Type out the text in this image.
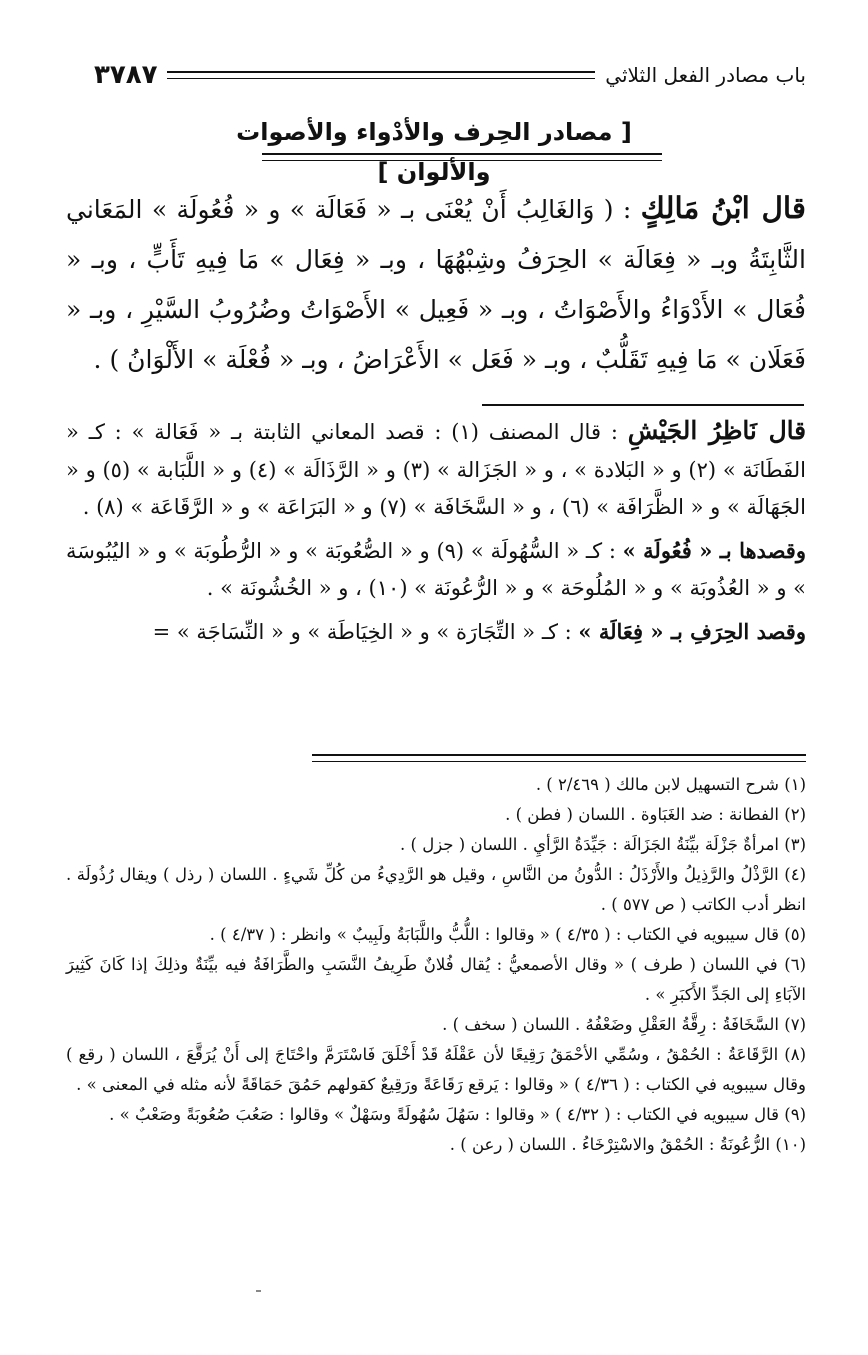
٣٧٨٧	باب مصادر الفعل الثلاثي
[ مصادر الحِرف والأدْواء والأصوات والألوان ]
قال ابْنُ مَالِكٍ : ( وَالغَالِبُ أَنْ يُعْنَى بـ « فَعَالَة » و « فُعُولَة » المَعَاني الثَّابِتَةُ وبـ « فِعَالَة » الحِرَفُ وشِبْهُهَا ، وبـ « فِعَال » مَا فِيهِ تَأَبٍّ ، وبـ « فُعَال » الأَدْوَاءُ والأَصْوَاتُ ، وبـ « فَعِيل » الأَصْوَاتُ وضُرُوبُ السَّيْرِ ، وبـ « فَعَلَان » مَا فِيهِ تَقَلُّبٌ ، وبـ « فَعَل » الأَعْرَاضُ ، وبـ « فُعْلَة » الأَلْوَانُ ) .

قال نَاظِرُ الجَيْشِ : قال المصنف (١) : قصد المعاني الثابتة بـ « فَعَالة » : كـ « الفَطَانَة » (٢) و « البَلادة » ، و « الجَزَالة » (٣) و « الرَّذَالَة » (٤) و « اللَّبَابة » (٥) و « الجَهَالَة » و « الظَّرَافَة » (٦) ، و « السَّخَافَة » (٧) و « البَرَاعَة » و « الرَّقَاعَة » (٨) .

وقصدها بـ « فُعُولَة » : كـ « السُّهُولَة » (٩) و « الصُّعُوبَة » و « الرُّطُوبَة » و « اليُبُوسَة » و « العُذُوبَة » و « المُلُوحَة » و « الرُّعُونَة » (١٠) ، و « الخُشُونَة » .

وقصد الحِرَفِ بـ « فِعَالَة » : كـ « التِّجَارَة » و « الخِيَاطَة » و « النِّسَاجَة » =

(١) شرح التسهيل لابن مالك ( ٢/٤٦٩ ) .
(٢) الفطانة : ضد الغَبَاوة . اللسان ( فطن ) .
(٣) امرأةٌ جَزْلَة بيِّنَةُ الجَزَالَة : جَيِّدَةُ الرَّأيِ . اللسان ( جزل ) .
(٤) الرَّذْلُ والرَّذِيلُ والأَرْذَلُ : الدُّونُ من النَّاسِ ، وقيل هو الرَّدِيءُ من كُلِّ شَيءٍ . اللسان ( رذل ) ويقال رُذُولَة . انظر أدب الكاتب ( ص ٥٧٧ ) .
(٥) قال سيبويه في الكتاب : ( ٤/٣٥ ) « وقالوا : اللُّبُّ واللَّبَابَةُ ولَبِيبٌ » وانظر : ( ٤/٣٧ ) .
(٦) في اللسان ( طرف ) « وقال الأصمعيُّ : يُقال فُلانٌ طَرِيفُ النَّسَبِ والطَّرَافَةُ فيه بيِّنَةٌ وذلِكَ إذا كَانَ كَثِيرَ الآبَاءِ إلى الجَدِّ الأَكبَرِ » .
(٧) السَّخَافَةُ : رِقَّةُ العَقْلِ وضَعْفُهُ . اللسان ( سخف ) .
(٨) الرَّقَاعَةُ : الحُمْقُ ، وسُمِّي الأحْمَقُ رَقِيعًا لأن عَقْلَهُ قَدْ أَخْلَقَ فَاسْتَرَمَّ واحْتَاجَ إلى أَنْ يُرَقَّعَ ، اللسان ( رقع ) وقال سيبويه في الكتاب : ( ٤/٣٦ ) « وقالوا : يَرقع رَقَاعَةً ورَقِيعٌ كقولهم حَمُقَ حَمَاقَةً لأنه مثله في المعنى » .
(٩) قال سيبويه في الكتاب : ( ٤/٣٢ ) « وقالوا : سَهُلَ سُهُولَةً وسَهْلٌ » وقالوا : صَعُبَ صُعُوبَةً وصَعْبٌ » .
(١٠) الرُّعُونَةُ : الحُمْقُ والاسْتِرْخَاءُ . اللسان ( رعن ) .
